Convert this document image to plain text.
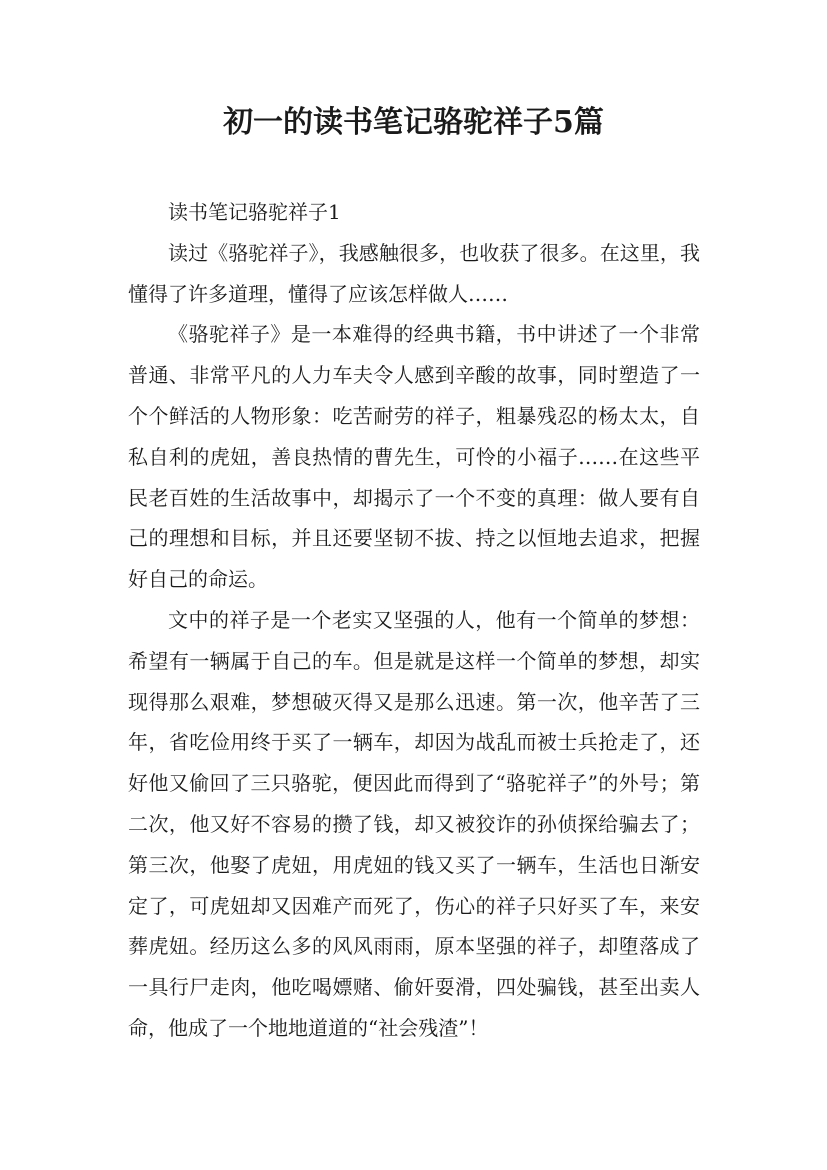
初一的读书笔记骆驼祥子5篇

读书笔记骆驼祥子1

读过《骆驼祥子》，我感触很多，也收获了很多。在这里，我懂得了许多道理，懂得了应该怎样做人……

《骆驼祥子》是一本难得的经典书籍，书中讲述了一个非常普通、非常平凡的人力车夫令人感到辛酸的故事，同时塑造了一个个鲜活的人物形象：吃苦耐劳的祥子，粗暴残忍的杨太太，自私自利的虎妞，善良热情的曹先生，可怜的小福子……在这些平民老百姓的生活故事中，却揭示了一个不变的真理：做人要有自己的理想和目标，并且还要坚韧不拔、持之以恒地去追求，把握好自己的命运。

文中的祥子是一个老实又坚强的人，他有一个简单的梦想：希望有一辆属于自己的车。但是就是这样一个简单的梦想，却实现得那么艰难，梦想破灭得又是那么迅速。第一次，他辛苦了三年，省吃俭用终于买了一辆车，却因为战乱而被士兵抢走了，还好他又偷回了三只骆驼，便因此而得到了“骆驼祥子”的外号；第二次，他又好不容易的攒了钱，却又被狡诈的孙侦探给骗去了；第三次，他娶了虎妞，用虎妞的钱又买了一辆车，生活也日渐安定了，可虎妞却又因难产而死了，伤心的祥子只好买了车，来安葬虎妞。经历这么多的风风雨雨，原本坚强的祥子，却堕落成了一具行尸走肉，他吃喝嫖赌、偷奸耍滑，四处骗钱，甚至出卖人命，他成了一个地地道道的“社会残渣”！
